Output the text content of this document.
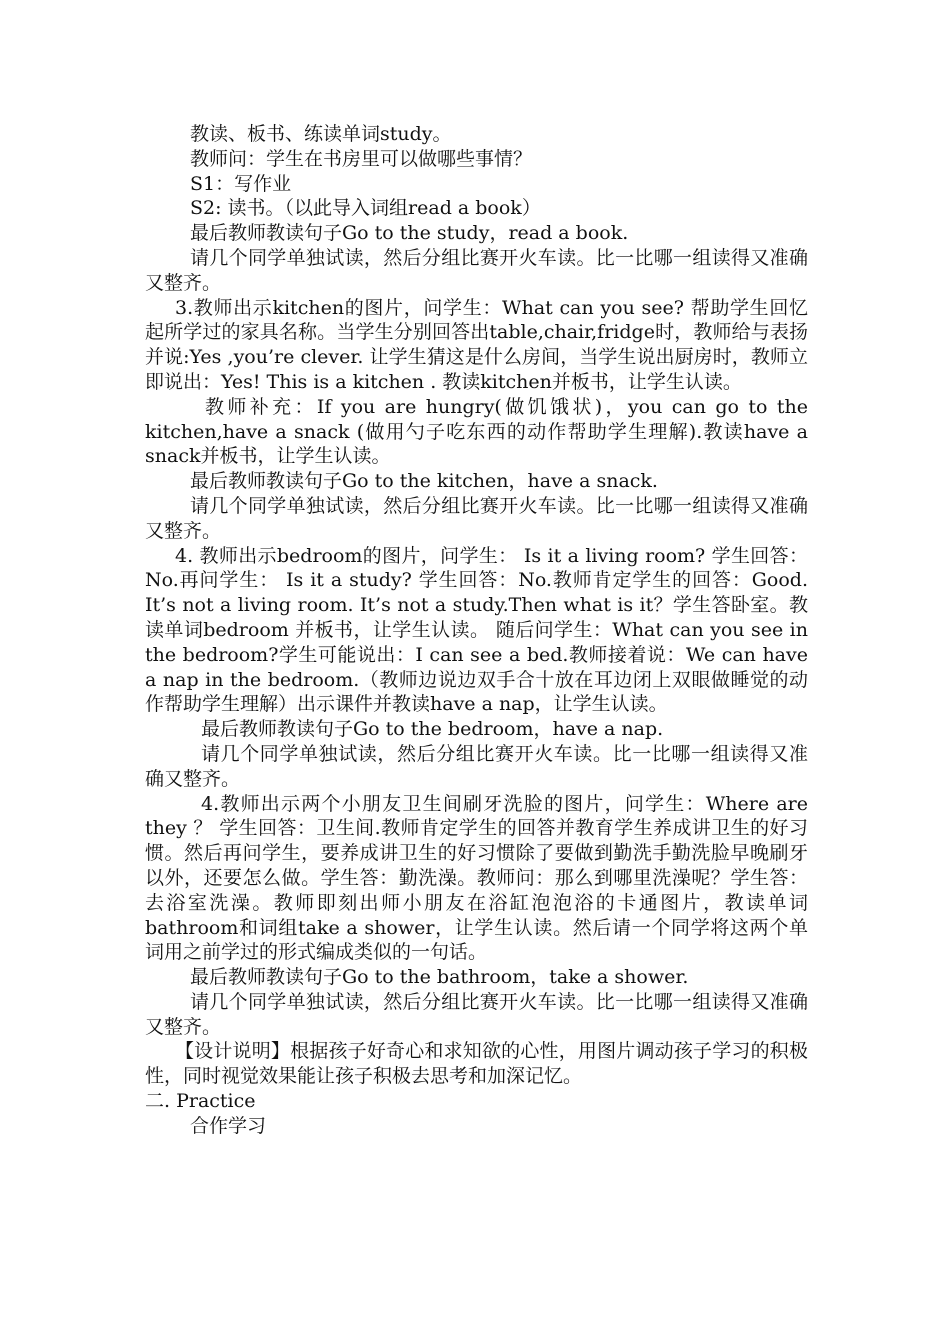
教读、板书、练读单词study。

教师问：学生在书房里可以做哪些事情？

S1：写作业

S2: 读书。（以此导入词组read a book）

最后教师教读句子Go to the study，read a book.

请几个同学单独试读，然后分组比赛开火车读。比一比哪一组读得又准确又整齐。

3.教师出示kitchen的图片，问学生：What can you see? 帮助学生回忆起所学过的家具名称。当学生分别回答出table,chair,fridge时，教师给与表扬并说:Yes ,you’re clever. 让学生猜这是什么房间，当学生说出厨房时，教师立即说出：Yes! This is a kitchen . 教读kitchen并板书，让学生认读。

教师补充：If you are hungry(做饥饿状)，you can go to the kitchen,have a snack (做用勺子吃东西的动作帮助学生理解).教读have a snack并板书，让学生认读。

最后教师教读句子Go to the kitchen，have a snack.

请几个同学单独试读，然后分组比赛开火车读。比一比哪一组读得又准确又整齐。

4. 教师出示bedroom的图片，问学生： Is it a living room? 学生回答：No.再问学生： Is it a study? 学生回答：No.教师肯定学生的回答：Good. It’s not a living room. It’s not a study.Then what is it？学生答卧室。教读单词bedroom 并板书，让学生认读。 随后问学生：What can you see in the bedroom?学生可能说出：I can see a bed.教师接着说：We can have a nap in the bedroom.（教师边说边双手合十放在耳边闭上双眼做睡觉的动作帮助学生理解）出示课件并教读have a nap，让学生认读。

最后教师教读句子Go to the bedroom，have a nap.

请几个同学单独试读，然后分组比赛开火车读。比一比哪一组读得又准确又整齐。

4.教师出示两个小朋友卫生间刷牙洗脸的图片，问学生：Where are they ？ 学生回答：卫生间.教师肯定学生的回答并教育学生养成讲卫生的好习惯。然后再问学生，要养成讲卫生的好习惯除了要做到勤洗手勤洗脸早晚刷牙以外，还要怎么做。学生答：勤洗澡。教师问：那么到哪里洗澡呢？学生答：去浴室洗澡。教师即刻出师小朋友在浴缸泡泡浴的卡通图片，教读单词bathroom和词组take a shower，让学生认读。然后请一个同学将这两个单词用之前学过的形式编成类似的一句话。

最后教师教读句子Go to the bathroom，take a shower.

请几个同学单独试读，然后分组比赛开火车读。比一比哪一组读得又准确又整齐。

【设计说明】根据孩子好奇心和求知欲的心性，用图片调动孩子学习的积极性，同时视觉效果能让孩子积极去思考和加深记忆。

二. Practice

合作学习
